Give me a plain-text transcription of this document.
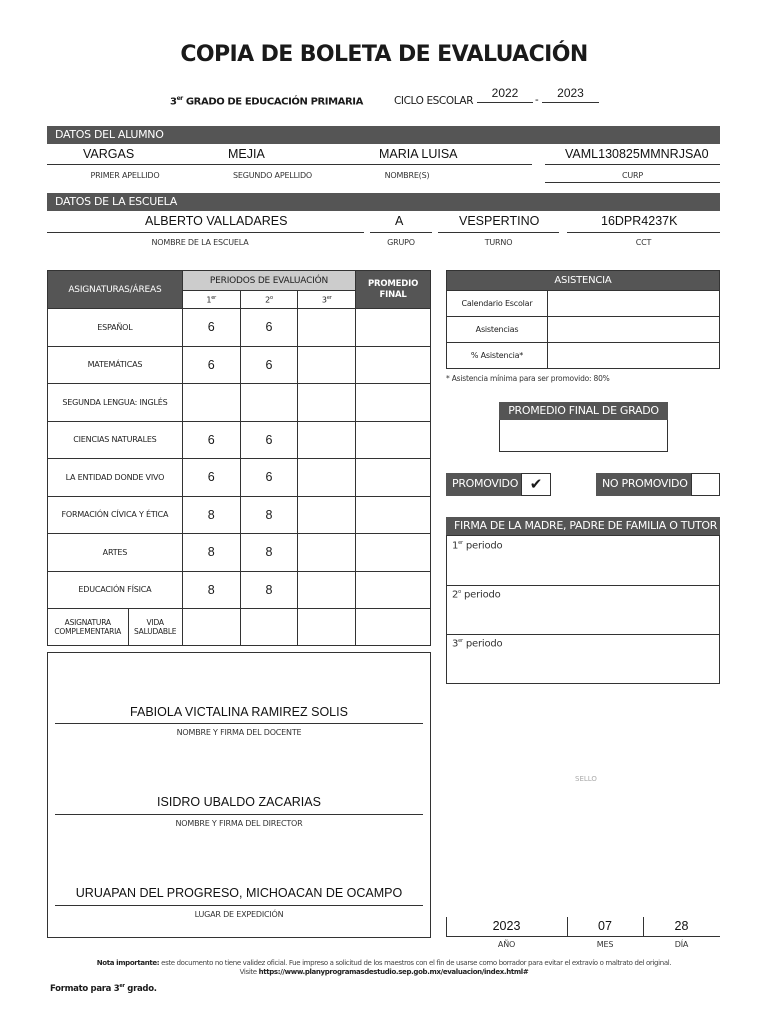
COPIA DE BOLETA DE EVALUACIÓN
3er GRADO DE EDUCACIÓN PRIMARIA	CICLO ESCOLAR
2022	-	2023
DATOS DEL ALUMNO
VARGAS	MEJIA	MARIA LUISA	VAML130825MMNRJSA0
PRIMER APELLIDO	SEGUNDO APELLIDO	NOMBRE(S)	CURP
DATOS DE LA ESCUELA
ALBERTO VALLADARES	A	VESPERTINO	16DPR4237K
NOMBRE DE LA ESCUELA	GRUPO	TURNO	CCT
ASIGNATURAS/ÁREAS	PERIODOS DE EVALUACIÓN	PROMEDIO FINAL
1er	2$^o$	3er
ESPAÑOL	6	6		
MATEMÁTICAS	6	6		
SEGUNDA LENGUA: INGLÉS				
CIENCIAS NATURALES	6	6		
LA ENTIDAD DONDE VIVO	6	6		
FORMACIÓN CÍVICA Y ÉTICA	8	8		
ARTES	8	8		
EDUCACIÓN FÍSICA	8	8		

ASIGNATURA COMPLEMENTARIA	VIDA SALUDABLE

ASISTENCIA	
Calendario Escolar	
Asistencias	
% Asistencia*	
* Asistencia mínima para ser promovido: 80%
PROMEDIO FINAL DE GRADO
PROMOVIDO ✔	NO PROMOVIDO
FIRMA DE LA MADRE, PADRE DE FAMILIA O TUTOR
1er periodo
2$^o$ periodo
3er periodo
FABIOLA VICTALINA RAMIREZ SOLIS
NOMBRE Y FIRMA DEL DOCENTE
ISIDRO UBALDO ZACARIAS
NOMBRE Y FIRMA DEL DIRECTOR
URUAPAN DEL PROGRESO, MICHOACAN DE OCAMPO
LUGAR DE EXPEDICIÓN
SELLO
2023	07	28
AÑO	MES	DÍA
Nota importante: este documento no tiene validez oficial. Fue impreso a solicitud de los maestros con el fin de usarse como borrador para evitar el extravío o maltrato del original.
Visite https://www.planyprogramasdestudio.sep.gob.mx/evaluacion/index.html#
Formato para 3er grado.
